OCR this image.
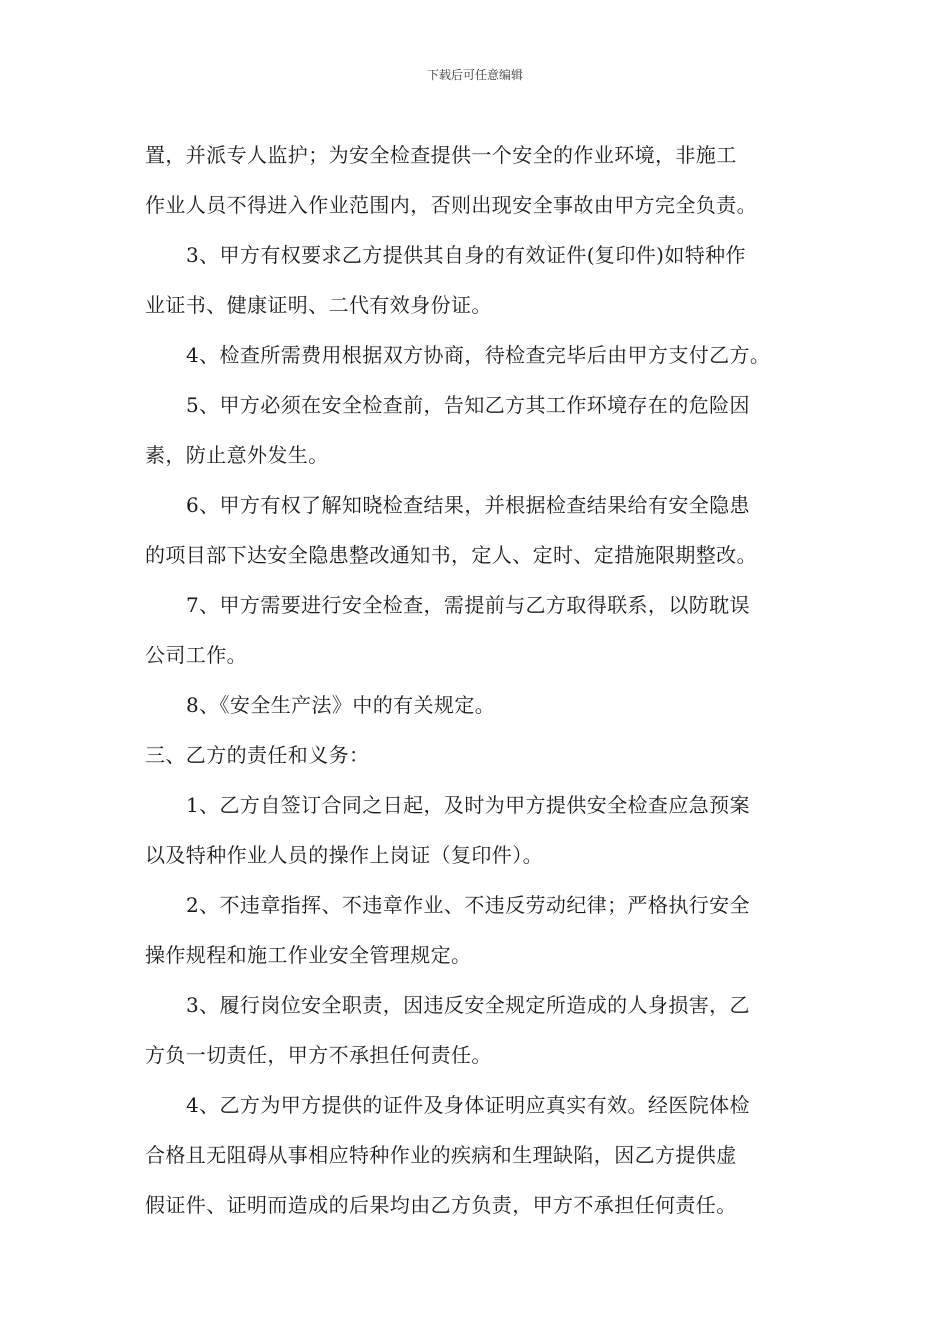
下载后可任意编辑
置，并派专人监护；为安全检查提供一个安全的作业环境，非施工
作业人员不得进入作业范围内，否则出现安全事故由甲方完全负责。
3、甲方有权要求乙方提供其自身的有效证件(复印件)如特种作
业证书、健康证明、二代有效身份证。
4、检查所需费用根据双方协商，待检查完毕后由甲方支付乙方。
5、甲方必须在安全检查前，告知乙方其工作环境存在的危险因
素，防止意外发生。
6、甲方有权了解知晓检查结果，并根据检查结果给有安全隐患
的项目部下达安全隐患整改通知书，定人、定时、定措施限期整改。
7、甲方需要进行安全检查，需提前与乙方取得联系，以防耽误
公司工作。
8、《安全生产法》中的有关规定。
三、乙方的责任和义务：
1、乙方自签订合同之日起，及时为甲方提供安全检查应急预案
以及特种作业人员的操作上岗证（复印件）。
2、不违章指挥、不违章作业、不违反劳动纪律；严格执行安全
操作规程和施工作业安全管理规定。
3、履行岗位安全职责，因违反安全规定所造成的人身损害，乙
方负一切责任，甲方不承担任何责任。
4、乙方为甲方提供的证件及身体证明应真实有效。经医院体检
合格且无阻碍从事相应特种作业的疾病和生理缺陷，因乙方提供虚
假证件、证明而造成的后果均由乙方负责，甲方不承担任何责任。
